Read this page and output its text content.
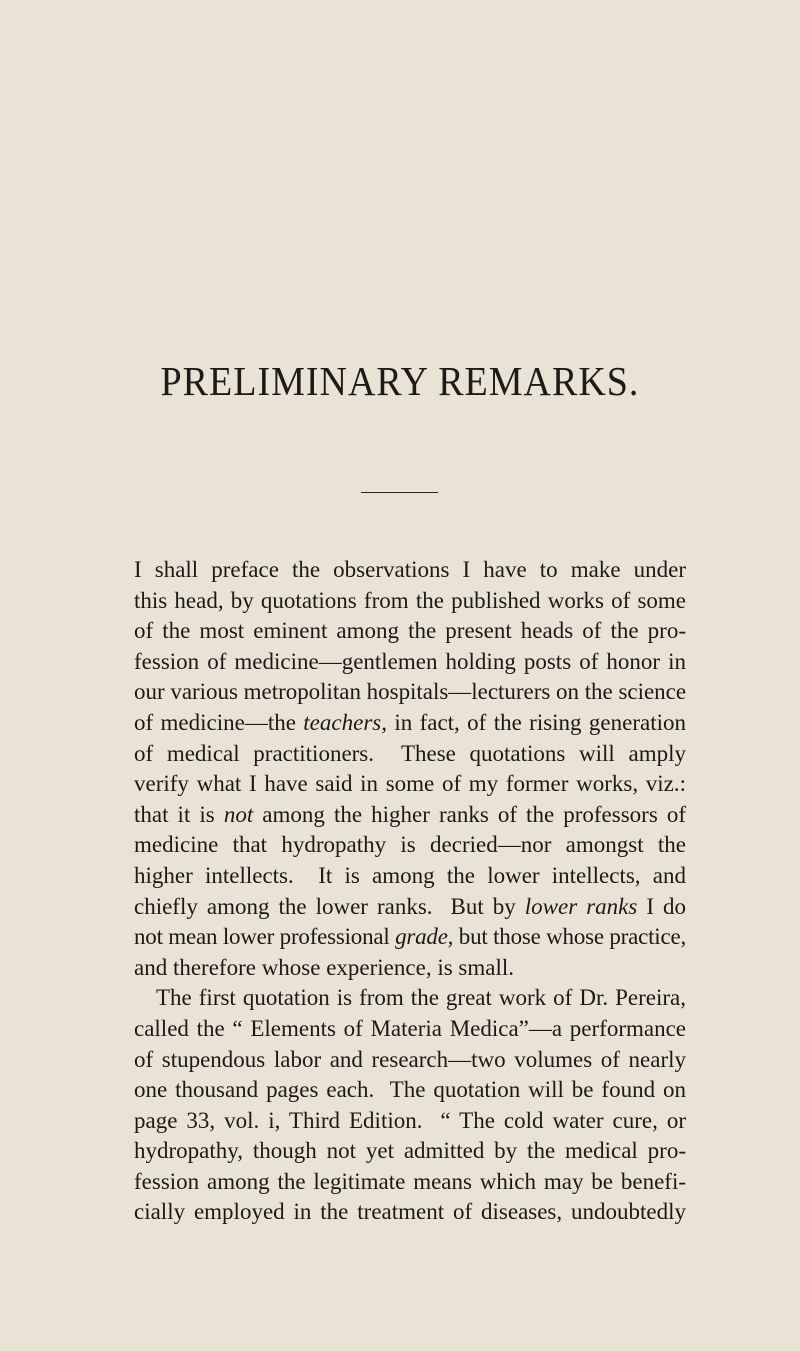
PRELIMINARY REMARKS.
I shall preface the observations I have to make under
this head, by quotations from the published works of some
of the most eminent among the present heads of the pro-
fession of medicine—gentlemen holding posts of honor in
our various metropolitan hospitals—lecturers on the science
of medicine—the teachers, in fact, of the rising generation
of medical practitioners.  These quotations will amply
verify what I have said in some of my former works, viz.:
that it is not among the higher ranks of the professors of
medicine that hydropathy is decried—nor amongst the
higher intellects.  It is among the lower intellects, and
chiefly among the lower ranks.  But by lower ranks I do
not mean lower professional grade, but those whose practice,
and therefore whose experience, is small.
The first quotation is from the great work of Dr. Pereira,
called the “ Elements of Materia Medica”—a performance
of stupendous labor and research—two volumes of nearly
one thousand pages each.  The quotation will be found on
page 33, vol. i, Third Edition.  “ The cold water cure, or
hydropathy, though not yet admitted by the medical pro-
fession among the legitimate means which may be benefi-
cially employed in the treatment of diseases, undoubtedly
